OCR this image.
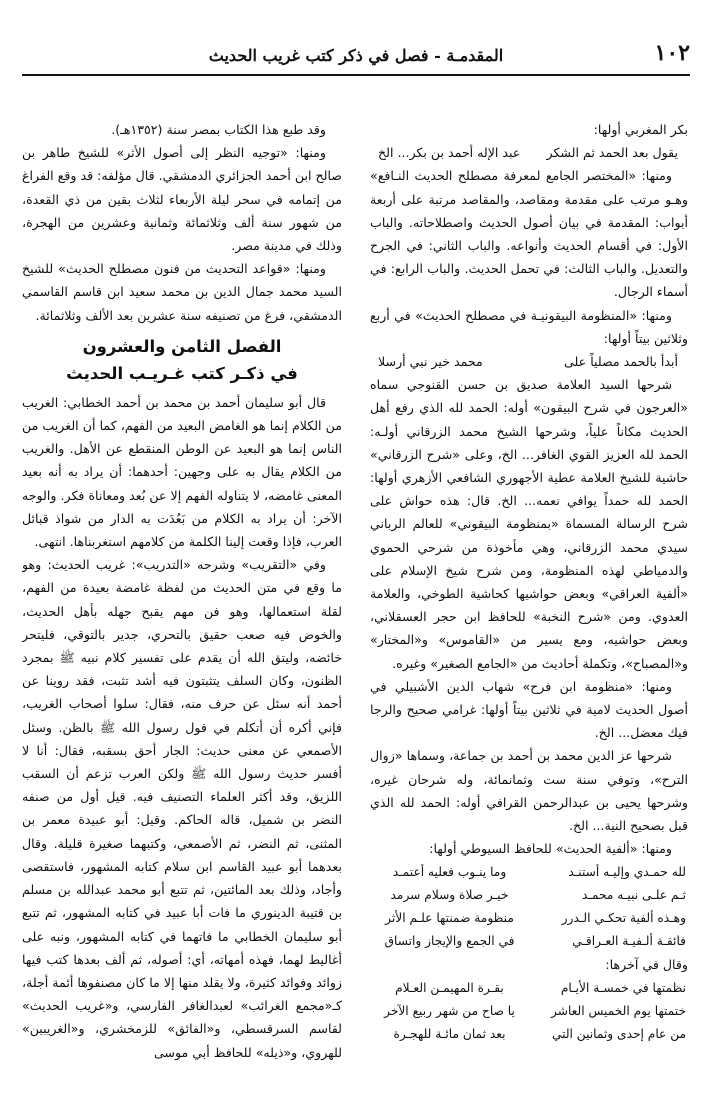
١٠٢
المقدمـة - فصل في ذكر كتب غريب الحديث

بكر المغربي أولها:

يقول بعد الحمد ثم الشكر
عبد الإله أحمد بن بكر... الخ

ومنها: «المختصر الجامع لمعرفة مصطلح الحديث النـافع» وهـو مرتب على مقدمة ومقاصد، والمقاصد مرتبة على أربعة أبواب: المقدمة في بيان أصول الحديث واصطلاحاته. والباب الأول: في أقسام الحديث وأنواعه. والباب الثاني: في الجرح والتعديل. والباب الثالث: في تحمل الحديث. والباب الرابع: في أسماء الرجال.

ومنها: «المنظومة البيقونيـة في مصطلح الحديث» في أربع وثلاثين بيتاً أولها:

أبدأ بالحمد مصلياً على
محمد خير نبي أرسلا

شرحها السيد العلامة صديق بن حسن القنوجي سماه «العرجون في شرح البيقون» أوله: الحمد لله الذي رفع أهل الحديث مكاناً علياً، وشرحها الشيخ محمد الزرقاني أولـه: الحمد لله العزيز القوي الغافر... الخ، وعلى «شرح الزرقاني» حاشية للشيخ العلامة عطية الأجهوري الشافعي الأزهري أولها: الحمد لله حمداً يوافي نعمه... الخ. قال: هذه حواش على شرح الرسالة المسماة «بمنظومة البيقوني» للعالم الرباني سيدي محمد الزرقاني، وهي مأخوذة من شرحي الحموي والدمياطي لهذه المنظومة، ومن شرح شيخ الإسلام على «ألفية العراقي» وبعض حواشيها كحاشية الطوخي، والعلامة العدوي. ومن «شرح النخبة» للحافظ ابن حجر العسقلاني، وبعض حواشيه، ومع يسير من «القاموس» و«المختار» و«المصباح»، وتكملة أحاديث من «الجامع الصغير» وغيره.

ومنها: «منظومة ابن فرح» شهاب الدين الأشبيلي في أصول الحديث لامية في ثلاثين بيتاً أولها: غرامي صحيح والرجا فيك معضل... الخ.

شرحها عز الدين محمد بن أحمد بن جماعة، وسماها «زوال الترح»، وتوفي سنة ست وثمانمائة، وله شرحان غيره، وشرحها يحيى بن عبدالرحمن القرافي أوله: الحمد لله الذي قبل بصحيح النية... الخ.

ومنها: «ألفية الحديث» للحافظ السيوطي أولها:

لله حمـدي وإليـه أستنـد	وما ينـوب فعليه أعتمـد
ثـم علـى نبيـه محمـد	خيـر صلاة وسلام سرمد
وهـذه ألفية تحكـي الـدرر	منظومة ضمنتها علـم الأثر
فائقـة ألـفيـة العـراقـي	في الجمع والإيجاز واتساق

وقال في آخرها:

نظمتها في خمسـة الأيـام	بقـرة المهيمـن العـلام
ختمتها يوم الخميس العاشر	يا صاح من شهر ربيع الآخر
من عام إحدى وثمانين التي	بعد ثمان مائـة للهجـرة

وقد طبع هذا الكتاب بمصر سنة (١٣٥٢هـ).

ومنها: «توجيه النظر إلى أصول الأثر» للشيخ طاهر بن صالح ابن أحمد الجزائري الدمشقي. قال مؤلفه: قد وقع الفراغ من إتمامه في سحر ليلة الأربعاء لثلاث بقين من ذي القعدة، من شهور سنة ألف وثلاثمائة وثمانية وعشرين من الهجرة، وذلك في مدينة مصر.

ومنها: «قواعد التحديث من فنون مصطلح الحديث» للشيخ السيد محمد جمال الدين بن محمد سعيد ابن قاسم القاسمي الدمشقي، فرغ من تصنيفه سنة عشرين بعد الألف وثلاثمائة.

الفصل الثامن والعشرون
في ذكـر كتب غـريـب الحديث

قال أبو سليمان أحمد بن محمد بن أحمد الخطابي: الغريب من الكلام إنما هو الغامض البعيد من الفهم، كما أن الغريب من الناس إنما هو البعيد عن الوطن المنقطع عن الأهل. والغريب من الكلام يقال به على وجهين: أحدهما: أن يراد به أنه بعيد المعنى غامضه، لا يتناوله الفهم إلا عن بُعد ومعاناة فكر. والوجه الآخر: أن يراد به الكلام من بَعُدَت به الدار من شواذ قبائل العرب، فإذا وقعت إلينا الكلمة من كلامهم استغربناها. انتهى.

وفي «التقريب» وشرحه «التدريب»: غريب الحديث: وهو ما وقع في متن الحديث من لفظة غامضة بعيدة من الفهم، لقلة استعمالها، وهو فن مهم يقبح جهله بأهل الحديث، والخوض فيه صعب حقيق بالتحري، جدير بالتوقي، فليتحر خائضه، وليتق الله أن يقدم على تفسير كلام نبيه ﷺ بمجرد الظنون، وكان السلف يتثبتون فيه أشد تثبت، فقد روينا عن أحمد أنه سئل عن حرف منه، فقال: سلوا أصحاب الغريب، فإني أكره أن أتكلم في قول رسول الله ﷺ بالظن. وسئل الأصمعي عن معنى حديث: الجار أحق بسقبه، فقال: أنا لا أفسر حديث رسول الله ﷺ ولكن العرب تزعم أن السقب اللزيق، وقد أكثر العلماء التصنيف فيه. قيل أول من صنفه النضر بن شميل، قاله الحاكم. وقيل: أبو عبيدة معمر بن المثنى، ثم النضر، ثم الأصمعي، وكتبهما صغيرة قليلة. وقال بعدهما أبو عبيد القاسم ابن سلام كتابه المشهور، فاستقصى وأجاد، وذلك بعد المائتين، ثم تتبع أبو محمد عبدالله بن مسلم بن قتيبة الدينوري ما فات أبا عبيد في كتابه المشهور، ثم تتبع أبو سليمان الخطابي ما فاتهما في كتابه المشهور، ونبه على أغاليط لهما، فهذه أمهاته، أي: أصوله، ثم ألف بعدها كتب فيها زوائد وفوائد كثيرة، ولا يقلد منها إلا ما كان مصنفوها أئمة أجلة، كـ«مجمع الغرائب» لعبدالغافر الفارسي، و«غريب الحديث» لقاسم السرقسطي، و«الفائق» للزمخشري، و«الغريبين» للهروي، و«ذيله» للحافظ أبي موسى
